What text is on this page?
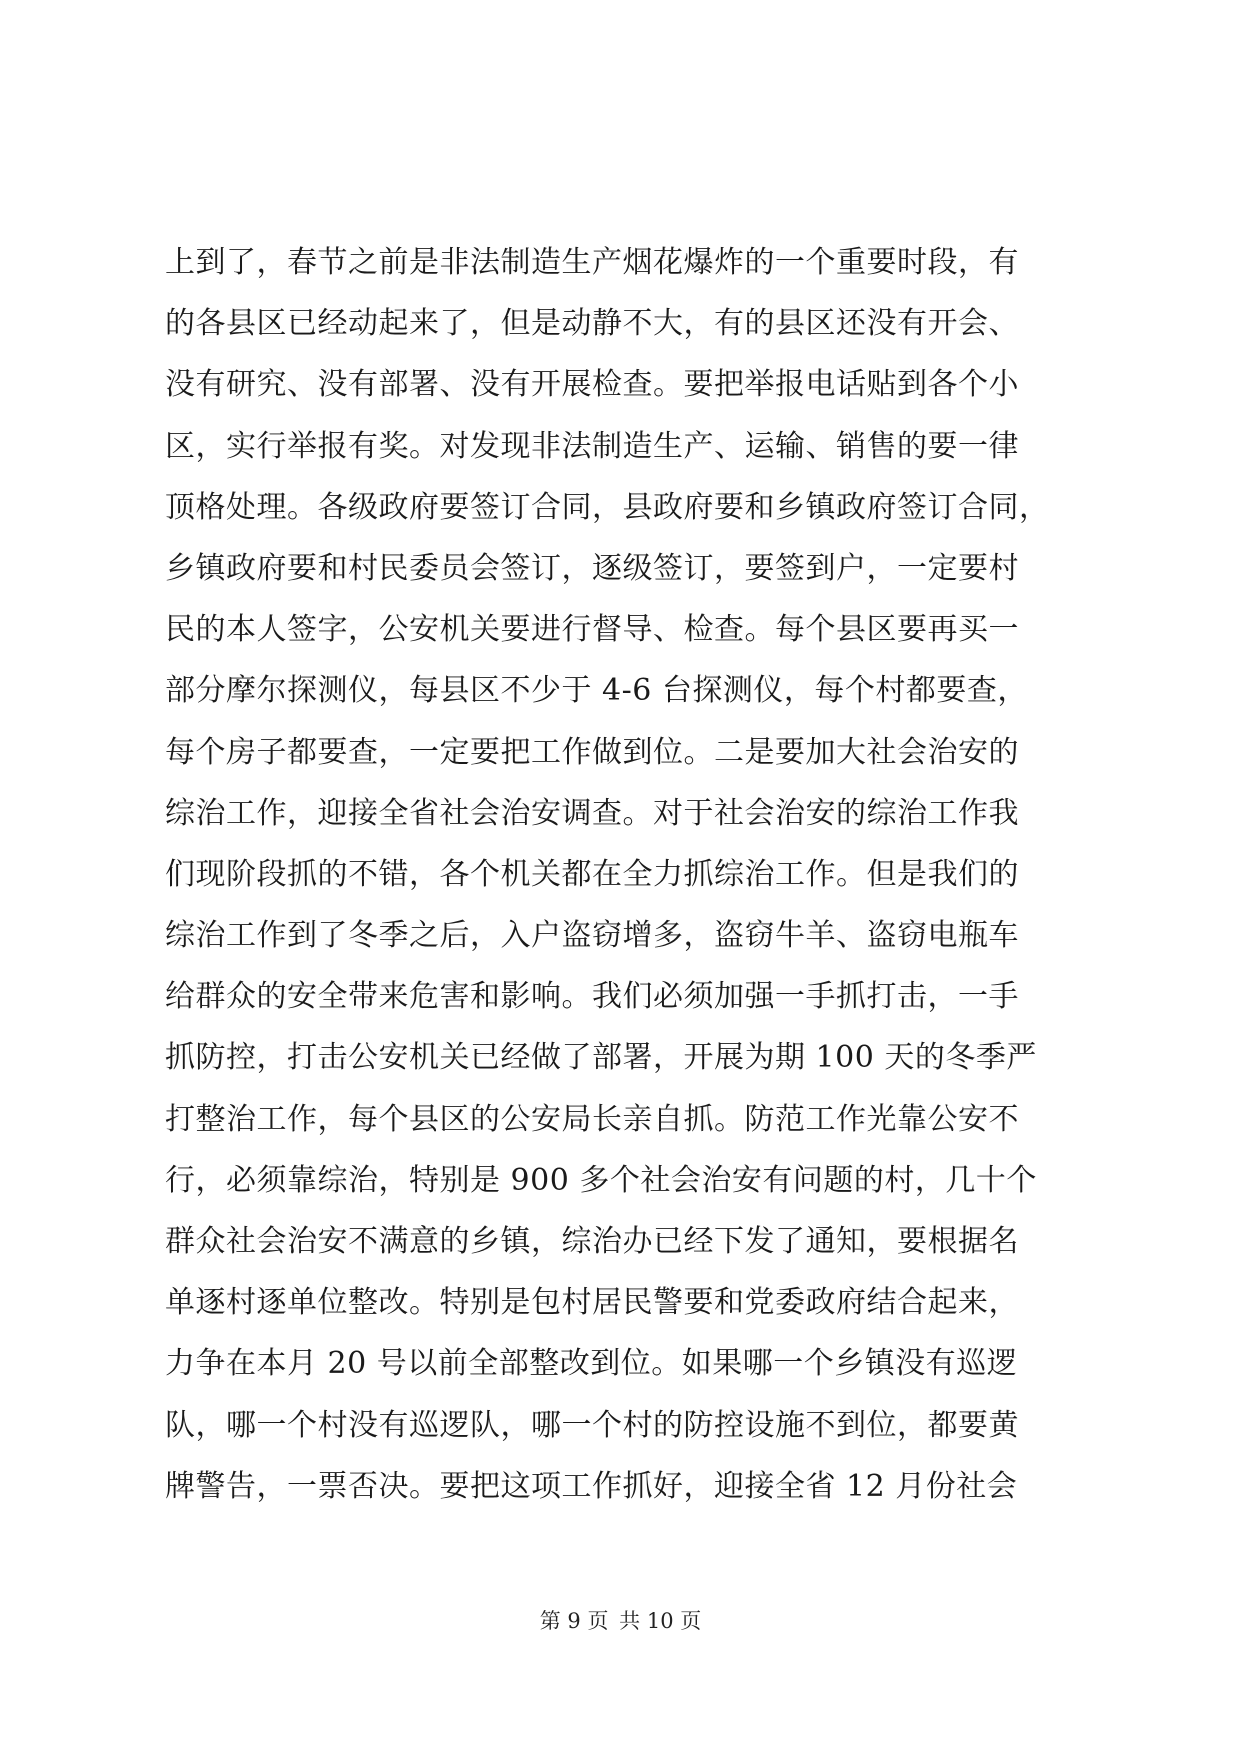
上到了，春节之前是非法制造生产烟花爆炸的一个重要时段，有
的各县区已经动起来了，但是动静不大，有的县区还没有开会、
没有研究、没有部署、没有开展检查。要把举报电话贴到各个小
区，实行举报有奖。对发现非法制造生产、运输、销售的要一律
顶格处理。各级政府要签订合同，县政府要和乡镇政府签订合同，
乡镇政府要和村民委员会签订，逐级签订，要签到户，一定要村
民的本人签字，公安机关要进行督导、检查。每个县区要再买一
部分摩尔探测仪，每县区不少于 4-6 台探测仪，每个村都要查，
每个房子都要查，一定要把工作做到位。二是要加大社会治安的
综治工作，迎接全省社会治安调查。对于社会治安的综治工作我
们现阶段抓的不错，各个机关都在全力抓综治工作。但是我们的
综治工作到了冬季之后，入户盗窃增多，盗窃牛羊、盗窃电瓶车
给群众的安全带来危害和影响。我们必须加强一手抓打击，一手
抓防控，打击公安机关已经做了部署，开展为期 100 天的冬季严
打整治工作，每个县区的公安局长亲自抓。防范工作光靠公安不
行，必须靠综治，特别是 900 多个社会治安有问题的村，几十个
群众社会治安不满意的乡镇，综治办已经下发了通知，要根据名
单逐村逐单位整改。特别是包村居民警要和党委政府结合起来，
力争在本月 20 号以前全部整改到位。如果哪一个乡镇没有巡逻
队，哪一个村没有巡逻队，哪一个村的防控设施不到位，都要黄
牌警告，一票否决。要把这项工作抓好，迎接全省 12 月份社会
第 9 页 共 10 页
